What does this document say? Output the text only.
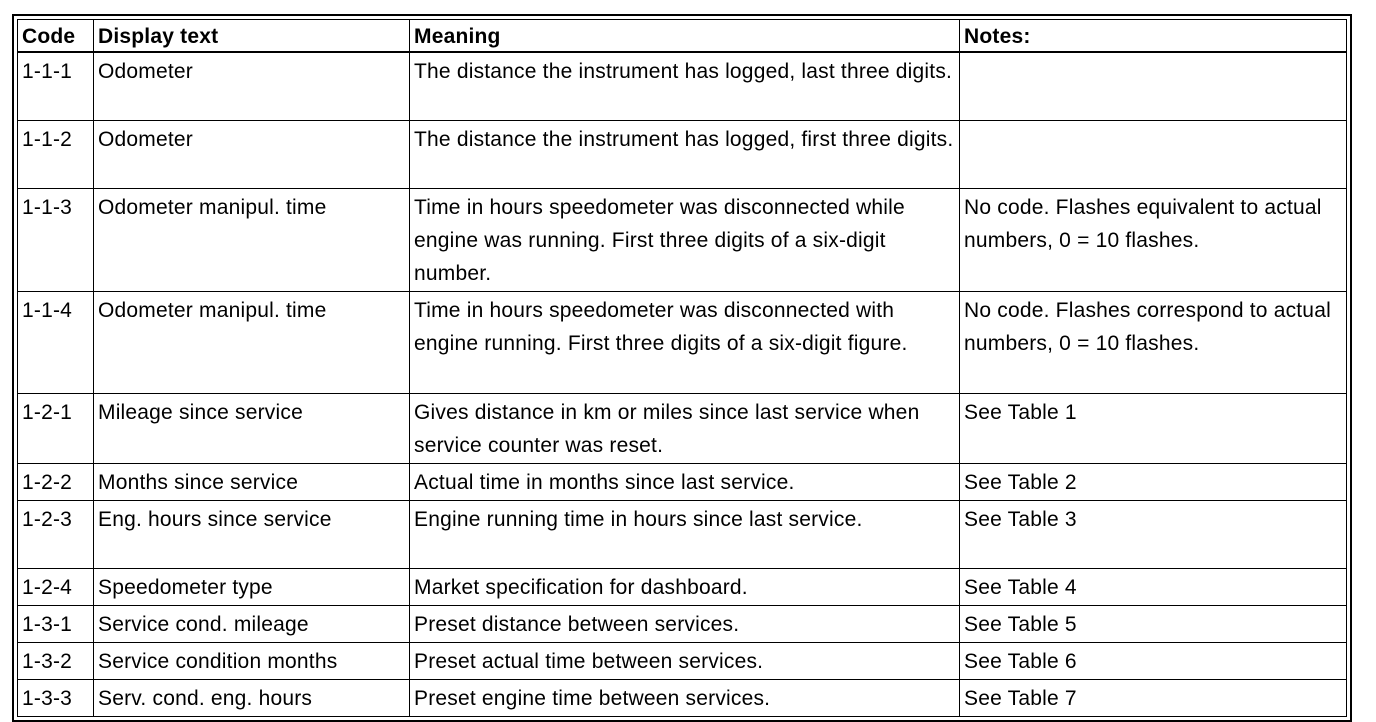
Code	Display text	Meaning	Notes:
1-1-1	Odometer	The distance the instrument has logged, last three digits.	
1-1-2	Odometer	The distance the instrument has logged, first three digits.	
1-1-3	Odometer manipul. time	Time in hours speedometer was disconnected while engine was running. First three digits of a six-digit number.	No code. Flashes equivalent to actual numbers, 0 = 10 flashes.
1-1-4	Odometer manipul. time	Time in hours speedometer was disconnected with engine running. First three digits of a six-digit figure.	No code. Flashes correspond to actual numbers, 0 = 10 flashes.
1-2-1	Mileage since service	Gives distance in km or miles since last service when service counter was reset.	See Table 1
1-2-2	Months since service	Actual time in months since last service.	See Table 2
1-2-3	Eng. hours since service	Engine running time in hours since last service.	See Table 3
1-2-4	Speedometer type	Market specification for dashboard.	See Table 4
1-3-1	Service cond. mileage	Preset distance between services.	See Table 5
1-3-2	Service condition months	Preset actual time between services.	See Table 6
1-3-3	Serv. cond. eng. hours	Preset engine time between services.	See Table 7
